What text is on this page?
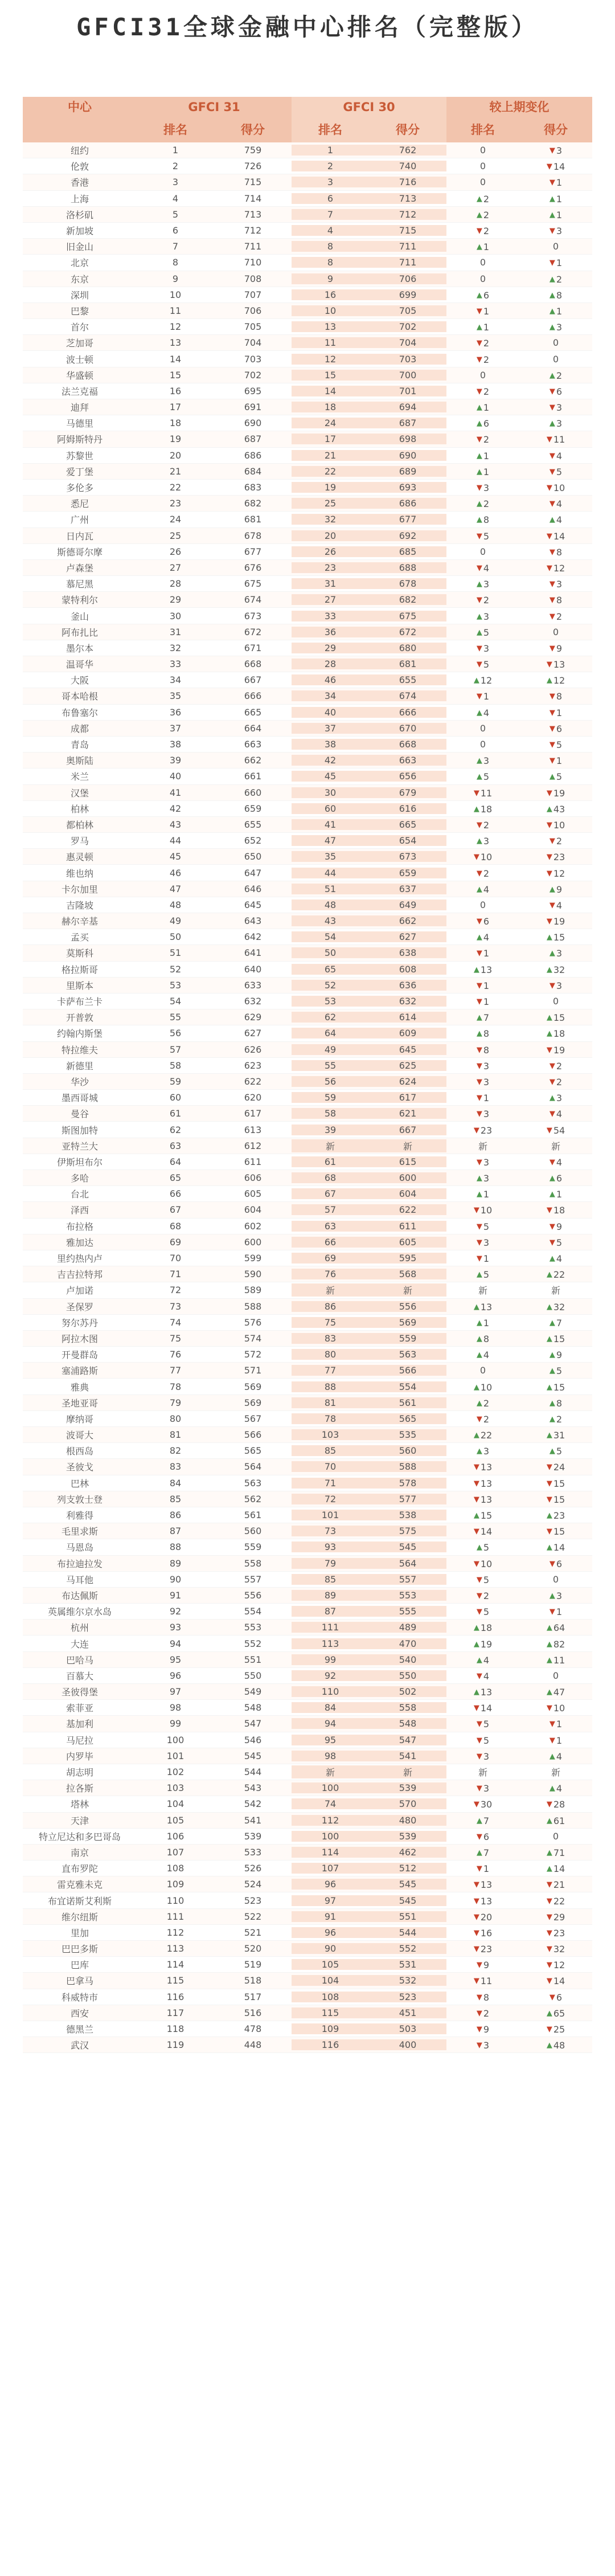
GFCI31全球金融中心排名（完整版）
中心	GFCI 31	GFCI 30	较上期变化
排名	得分	排名	得分	排名	得分
纽约	1	759	1	762	0	▼ 3
伦敦	2	726	2	740	0	▼ 14
香港	3	715	3	716	0	▼ 1
上海	4	714	6	713	▲ 2	▲ 1
洛杉矶	5	713	7	712	▲ 2	▲ 1
新加坡	6	712	4	715	▼ 2	▼ 3
旧金山	7	711	8	711	▲ 1	0
北京	8	710	8	711	0	▼ 1
东京	9	708	9	706	0	▲ 2
深圳	10	707	16	699	▲ 6	▲ 8
巴黎	11	706	10	705	▼ 1	▲ 1
首尔	12	705	13	702	▲ 1	▲ 3
芝加哥	13	704	11	704	▼ 2	0
波士顿	14	703	12	703	▼ 2	0
华盛顿	15	702	15	700	0	▲ 2
法兰克福	16	695	14	701	▼ 2	▼ 6
迪拜	17	691	18	694	▲ 1	▼ 3
马德里	18	690	24	687	▲ 6	▲ 3
阿姆斯特丹	19	687	17	698	▼ 2	▼ 11
苏黎世	20	686	21	690	▲ 1	▼ 4
爱丁堡	21	684	22	689	▲ 1	▼ 5
多伦多	22	683	19	693	▼ 3	▼ 10
悉尼	23	682	25	686	▲ 2	▼ 4
广州	24	681	32	677	▲ 8	▲ 4
日内瓦	25	678	20	692	▼ 5	▼ 14
斯德哥尔摩	26	677	26	685	0	▼ 8
卢森堡	27	676	23	688	▼ 4	▼ 12
慕尼黑	28	675	31	678	▲ 3	▼ 3
蒙特利尔	29	674	27	682	▼ 2	▼ 8
釜山	30	673	33	675	▲ 3	▼ 2
阿布扎比	31	672	36	672	▲ 5	0
墨尔本	32	671	29	680	▼ 3	▼ 9
温哥华	33	668	28	681	▼ 5	▼ 13
大阪	34	667	46	655	▲ 12	▲ 12
哥本哈根	35	666	34	674	▼ 1	▼ 8
布鲁塞尔	36	665	40	666	▲ 4	▼ 1
成都	37	664	37	670	0	▼ 6
青岛	38	663	38	668	0	▼ 5
奥斯陆	39	662	42	663	▲ 3	▼ 1
米兰	40	661	45	656	▲ 5	▲ 5
汉堡	41	660	30	679	▼ 11	▼ 19
柏林	42	659	60	616	▲ 18	▲ 43
都柏林	43	655	41	665	▼ 2	▼ 10
罗马	44	652	47	654	▲ 3	▼ 2
惠灵顿	45	650	35	673	▼ 10	▼ 23
维也纳	46	647	44	659	▼ 2	▼ 12
卡尔加里	47	646	51	637	▲ 4	▲ 9
吉隆坡	48	645	48	649	0	▼ 4
赫尔辛基	49	643	43	662	▼ 6	▼ 19
孟买	50	642	54	627	▲ 4	▲ 15
莫斯科	51	641	50	638	▼ 1	▲ 3
格拉斯哥	52	640	65	608	▲ 13	▲ 32
里斯本	53	633	52	636	▼ 1	▼ 3
卡萨布兰卡	54	632	53	632	▼ 1	0
开普敦	55	629	62	614	▲ 7	▲ 15
约翰内斯堡	56	627	64	609	▲ 8	▲ 18
特拉维夫	57	626	49	645	▼ 8	▼ 19
新德里	58	623	55	625	▼ 3	▼ 2
华沙	59	622	56	624	▼ 3	▼ 2
墨西哥城	60	620	59	617	▼ 1	▲ 3
曼谷	61	617	58	621	▼ 3	▼ 4
斯图加特	62	613	39	667	▼ 23	▼ 54
亚特兰大	63	612	新	新	新	新
伊斯坦布尔	64	611	61	615	▼ 3	▼ 4
多哈	65	606	68	600	▲ 3	▲ 6
台北	66	605	67	604	▲ 1	▲ 1
泽西	67	604	57	622	▼ 10	▼ 18
布拉格	68	602	63	611	▼ 5	▼ 9
雅加达	69	600	66	605	▼ 3	▼ 5
里约热内卢	70	599	69	595	▼ 1	▲ 4
吉吉拉特邦	71	590	76	568	▲ 5	▲ 22
卢加诺	72	589	新	新	新	新
圣保罗	73	588	86	556	▲ 13	▲ 32
努尔苏丹	74	576	75	569	▲ 1	▲ 7
阿拉木图	75	574	83	559	▲ 8	▲ 15
开曼群岛	76	572	80	563	▲ 4	▲ 9
塞浦路斯	77	571	77	566	0	▲ 5
雅典	78	569	88	554	▲ 10	▲ 15
圣地亚哥	79	569	81	561	▲ 2	▲ 8
摩纳哥	80	567	78	565	▼ 2	▲ 2
波哥大	81	566	103	535	▲ 22	▲ 31
根西岛	82	565	85	560	▲ 3	▲ 5
圣彼戈	83	564	70	588	▼ 13	▼ 24
巴林	84	563	71	578	▼ 13	▼ 15
列支敦士登	85	562	72	577	▼ 13	▼ 15
利雅得	86	561	101	538	▲ 15	▲ 23
毛里求斯	87	560	73	575	▼ 14	▼ 15
马恩岛	88	559	93	545	▲ 5	▲ 14
布拉迪拉发	89	558	79	564	▼ 10	▼ 6
马耳他	90	557	85	557	▼ 5	0
布达佩斯	91	556	89	553	▼ 2	▲ 3
英属维尔京水岛	92	554	87	555	▼ 5	▼ 1
杭州	93	553	111	489	▲ 18	▲ 64
大连	94	552	113	470	▲ 19	▲ 82
巴哈马	95	551	99	540	▲ 4	▲ 11
百慕大	96	550	92	550	▼ 4	0
圣彼得堡	97	549	110	502	▲ 13	▲ 47
索菲亚	98	548	84	558	▼ 14	▼ 10
基加利	99	547	94	548	▼ 5	▼ 1
马尼拉	100	546	95	547	▼ 5	▼ 1
内罗毕	101	545	98	541	▼ 3	▲ 4
胡志明	102	544	新	新	新	新
拉各斯	103	543	100	539	▼ 3	▲ 4
塔林	104	542	74	570	▼ 30	▼ 28
天津	105	541	112	480	▲ 7	▲ 61
特立尼达和多巴哥岛	106	539	100	539	▼ 6	0
南京	107	533	114	462	▲ 7	▲ 71
直布罗陀	108	526	107	512	▼ 1	▲ 14
雷克雅未克	109	524	96	545	▼ 13	▼ 21
布宜诺斯艾利斯	110	523	97	545	▼ 13	▼ 22
维尔纽斯	111	522	91	551	▼ 20	▼ 29
里加	112	521	96	544	▼ 16	▼ 23
巴巴多斯	113	520	90	552	▼ 23	▼ 32
巴库	114	519	105	531	▼ 9	▼ 12
巴拿马	115	518	104	532	▼ 11	▼ 14
科威特市	116	517	108	523	▼ 8	▼ 6
西安	117	516	115	451	▼ 2	▲ 65
德黑兰	118	478	109	503	▼ 9	▼ 25
武汉	119	448	116	400	▼ 3	▲ 48
